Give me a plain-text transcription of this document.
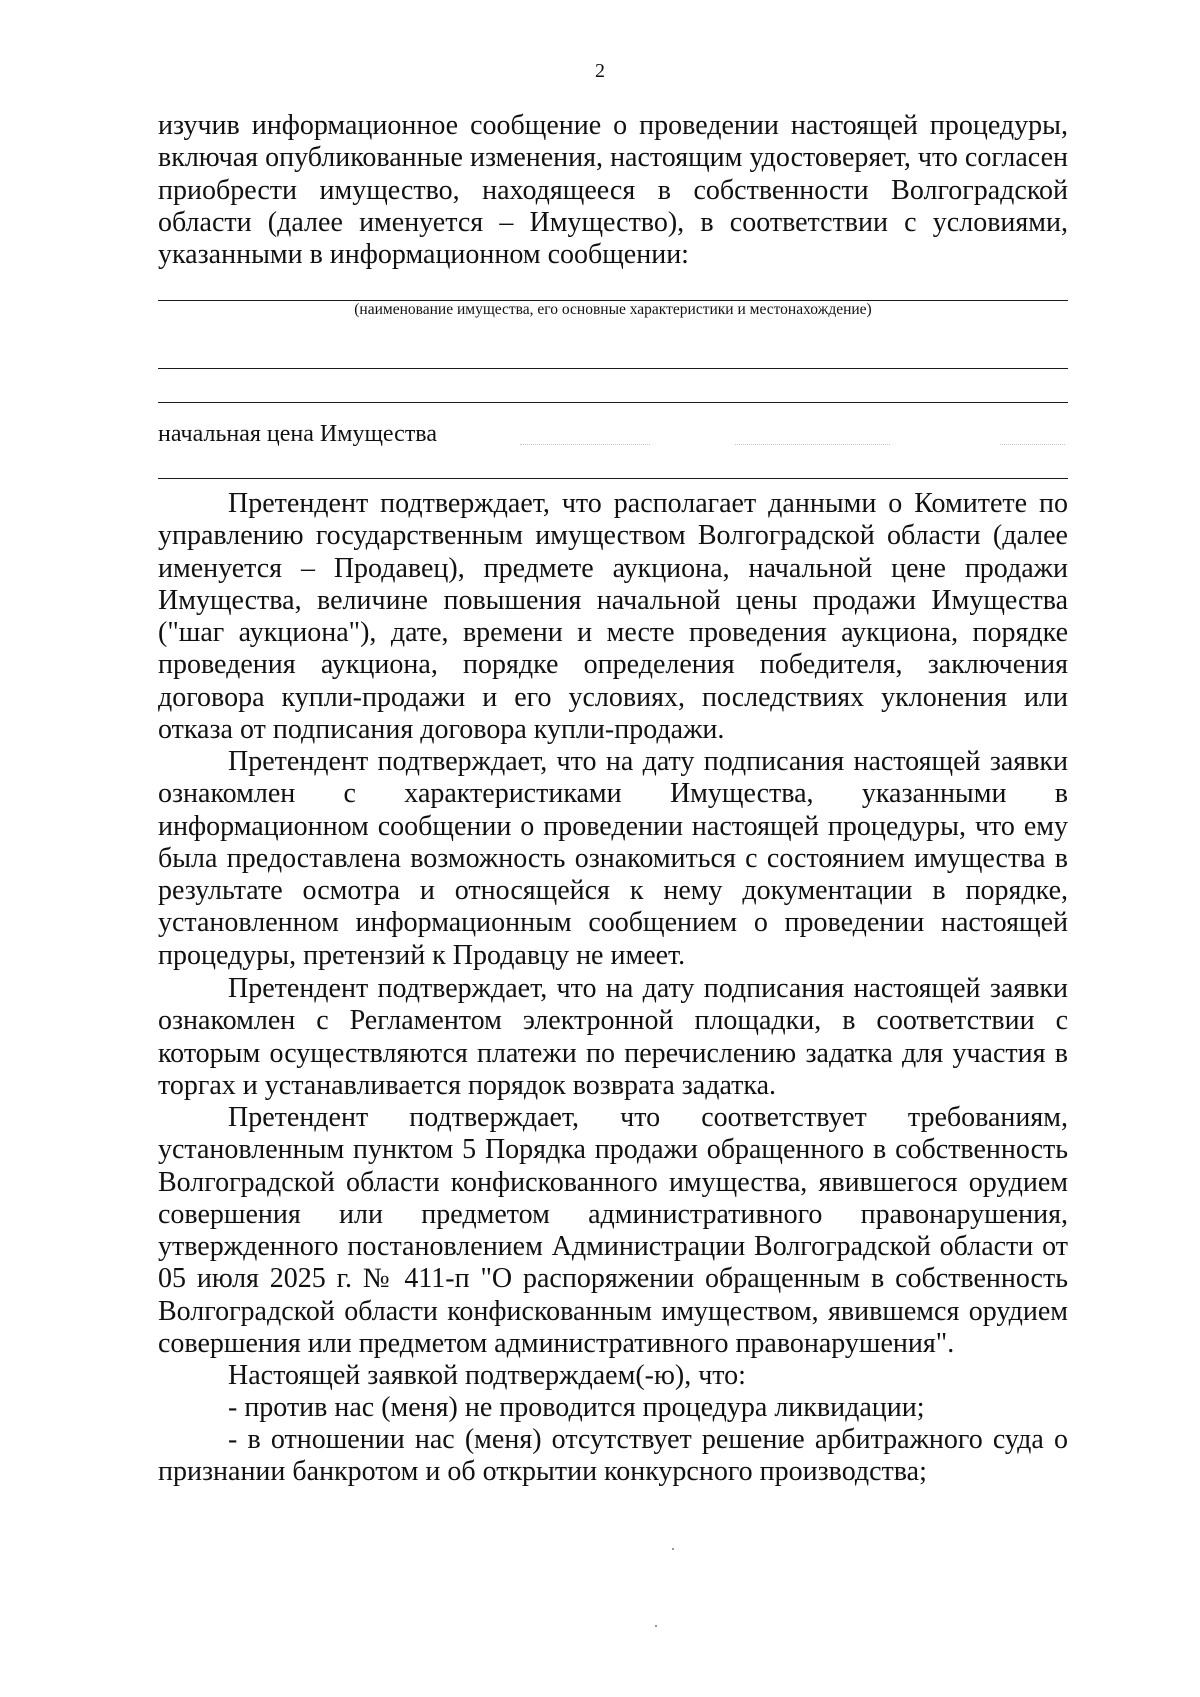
2

изучив информационное сообщение о проведении настоящей процедуры, включая опубликованные изменения, настоящим удостоверяет, что согласен приобрести имущество, находящееся в собственности Волгоградской области (далее именуется – Имущество), в соответствии с условиями, указанными в информационном сообщении:

(наименование имущества, его основные характеристики и местонахождение)
начальная цена Имущества

Претендент подтверждает, что располагает данными о Комитете по управлению государственным имуществом Волгоградской области (далее именуется – Продавец), предмете аукциона, начальной цене продажи Имущества, величине повышения начальной цены продажи Имущества ("шаг аукциона"), дате, времени и месте проведения аукциона, порядке проведения аукциона, порядке определения победителя, заключения договора купли-продажи и его условиях, последствиях уклонения или отказа от подписания договора купли-продажи.

Претендент подтверждает, что на дату подписания настоящей заявки ознакомлен с характеристиками Имущества, указанными в информационном сообщении о проведении настоящей процедуры, что ему была предоставлена возможность ознакомиться с состоянием имущества в результате осмотра и относящейся к нему документации в порядке, установленном информационным сообщением о проведении настоящей процедуры, претензий к Продавцу не имеет.

Претендент подтверждает, что на дату подписания настоящей заявки ознакомлен с Регламентом электронной площадки, в соответствии с которым осуществляются платежи по перечислению задатка для участия в торгах и устанавливается порядок возврата задатка.

Претендент подтверждает, что соответствует требованиям, установленным пунктом 5 Порядка продажи обращенного в собственность Волгоградской области конфискованного имущества, явившегося орудием совершения или предметом административного правонарушения, утвержденного постановлением Администрации Волгоградской области от 05 июля 2025 г. № 411-п "О распоряжении обращенным в собственность Волгоградской области конфискованным имуществом, явившемся орудием совершения или предметом административного правонарушения".

Настоящей заявкой подтверждаем(-ю), что:

- против нас (меня) не проводится процедура ликвидации;

- в отношении нас (меня) отсутствует решение арбитражного суда о признании банкротом и об открытии конкурсного производства;
